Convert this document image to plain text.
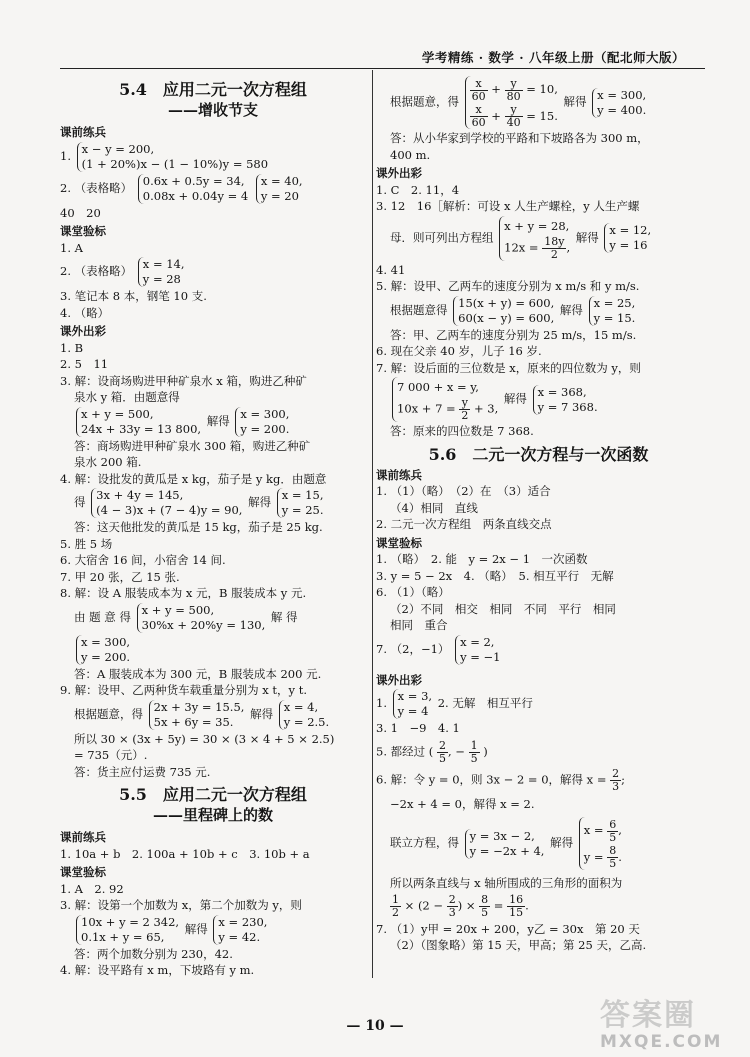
学考精练 · 数学 · 八年级上册（配北师大版）
5.4　应用二元一次方程组
——增收节支
课前练兵
1. x − y = 200,
(1 + 20%)x − (1 − 10%)y = 580
2. （表格略） 0.6x + 0.5y = 34,
0.08x + 0.04y = 4 x = 40,
y = 20
40　20
课堂验标
1. A
2. （表格略） x = 14,
y = 28
3. 笔记本 8 本，钢笔 10 支.
4. （略）
课外出彩
1. B
2. 5　11
3. 解：设商场购进甲种矿泉水 x 箱，购进乙种矿
泉水 y 箱．由题意得
x + y = 500,
24x + 33y = 13 800, 解得 x = 300,
y = 200.
答：商场购进甲种矿泉水 300 箱，购进乙种矿
泉水 200 箱.
4. 解：设批发的黄瓜是 x kg，茄子是 y kg．由题意
得 3x + 4y = 145,
(4 − 3)x + (7 − 4)y = 90, 解得 x = 15,
y = 25.
答：这天他批发的黄瓜是 15 kg，茄子是 25 kg.
5. 胜 5 场
6. 大宿舍 16 间，小宿舍 14 间.
7. 甲 20 张，乙 15 张.
8. 解：设 A 服装成本为 x 元，B 服装成本 y 元.
由 题 意 得 x + y = 500,
30%x + 20%y = 130, 解 得
x = 300,
y = 200.
答：A 服装成本为 300 元，B 服装成本 200 元.
9. 解：设甲、乙两种货车载重量分别为 x t，y t.
根据题意，得 2x + 3y = 15.5,
5x + 6y = 35. 解得 x = 4,
y = 2.5.
所以 30 × (3x + 5y) = 30 × (3 × 4 + 5 × 2.5)
= 735（元）.
答：货主应付运费 735 元.
5.5　应用二元一次方程组
——里程碑上的数
课前练兵
1. 10a + b　2. 100a + 10b + c　3. 10b + a
课堂验标
1. A　2. 92
3. 解：设第一个加数为 x，第二个加数为 y，则
10x + y = 2 342,
0.1x + y = 65, 解得 x = 230,
y = 42.
答：两个加数分别为 230，42.
4. 解：设平路有 x m，下坡路有 y m.
根据题意，得 $\frac{x}{60} + \frac{y}{80} = 10$,

$\frac{x}{60} + \frac{y}{40} = 15$. 解得 x = 300,
y = 400.
答：从小华家到学校的平路和下坡路各为 300 m，
400 m.
课外出彩
1. C　2. 11，4
3. 12　16［解析：可设 x 人生产螺栓，y 人生产螺
母．则可列出方程组 x + y = 28,
$12x = \frac{18y}{2}$ , 解得 x = 12,
y = 16
4. 41
5. 解：设甲、乙两车的速度分别为 x m/s 和 y m/s.
根据题意得 15(x + y) = 600,
60(x − y) = 600, 解得 x = 25,
y = 15.
答：甲、乙两车的速度分别为 25 m/s，15 m/s.
6. 现在父亲 40 岁，儿子 16 岁.
7. 解：设后面的三位数是 x，原来的四位数为 y，则
7 000 + x = y,
$10x + 7 = \frac{y}{2} + 3$, 解得 x = 368,
y = 7 368.
答：原来的四位数是 7 368.
5.6　二元一次方程与一次函数
课前练兵
1. （1）（略）　（2）在　（3）适合
（4）相同　直线
2. 二元一次方程组　两条直线交点
课堂验标
1. （略）　2. 能　y = 2x − 1　一次函数
3. y = 5 − 2x　4. （略）　5. 相互平行　无解
6. （1）（略）
（2）不同　相交　相同　不同　平行　相同
相同　重合
7. （2，−1） x = 2,
y = −1
课外出彩
1. x = 3,
y = 4 2. 无解　相互平行
3. 1　−9　4. 1
5. 都经过 ( $\frac{2}{5}$ , − $\frac{1}{5}$ )
6. 解：令 y = 0，则 3x − 2 = 0，解得 $x = \frac{2}{3}$ ;
−2x + 4 = 0，解得 x = 2.
联立方程，得 y = 3x − 2,
y = −2x + 4, 解得 $x = \frac{6}{5}$ ,
$y = \frac{8}{5}$ .
所以两条直线与 x 轴所围成的三角形的面积为
$\frac{1}{2} \times (2 - \frac{2}{3}$ ) × $\frac{8}{5} = \frac{16}{15}$ .
7. （1）y甲 = 20x + 200，y乙 = 30x　第 20 天
（2）（图象略）第 15 天，甲高；第 25 天，乙高.
— 10 —	答案圈
MXQE.COM
